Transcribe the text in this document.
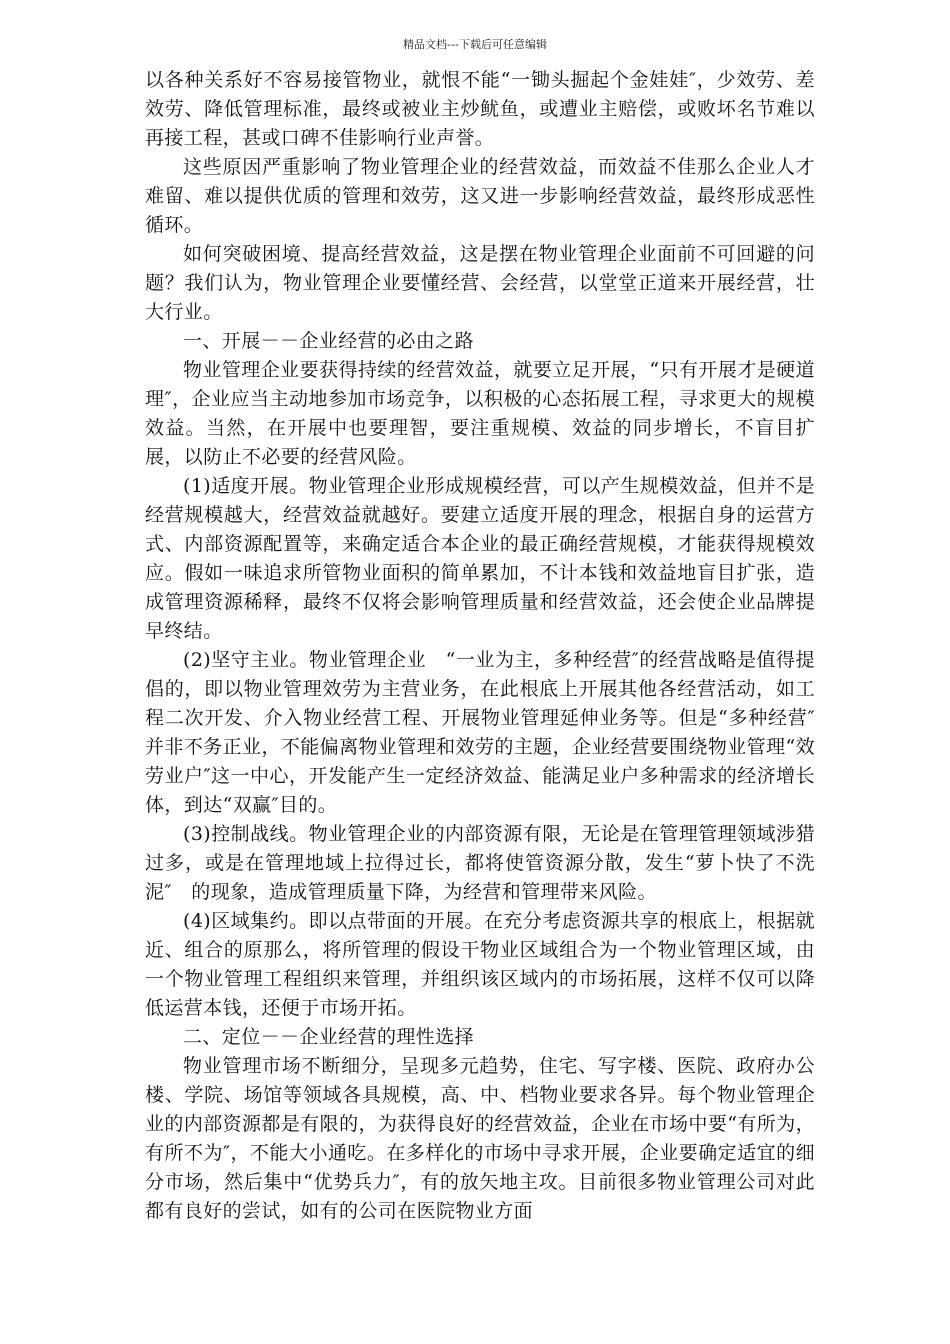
精品文档---下载后可任意编辑

以各种关系好不容易接管物业，就恨不能“一锄头掘起个金娃娃″，少效劳、差效劳、降低管理标准，最终或被业主炒鱿鱼，或遭业主赔偿，或败坏名节难以再接工程，甚或口碑不佳影响行业声誉。

这些原因严重影响了物业管理企业的经营效益，而效益不佳那么企业人才难留、难以提供优质的管理和效劳，这又进一步影响经营效益，最终形成恶性循环。

如何突破困境、提高经营效益，这是摆在物业管理企业面前不可回避的问题？我们认为，物业管理企业要懂经营、会经营，以堂堂正道来开展经营，壮大行业。

一、开展－－企业经营的必由之路

物业管理企业要获得持续的经营效益，就要立足开展，“只有开展才是硬道理″，企业应当主动地参加市场竞争，以积极的心态拓展工程，寻求更大的规模效益。当然，在开展中也要理智，要注重规模、效益的同步增长，不盲目扩展，以防止不必要的经营风险。

(1)适度开展。物业管理企业形成规模经营，可以产生规模效益，但并不是经营规模越大，经营效益就越好。要建立适度开展的理念，根据自身的运营方式、内部资源配置等，来确定适合本企业的最正确经营规模，才能获得规模效应。假如一味追求所管物业面积的简单累加，不计本钱和效益地盲目扩张，造成管理资源稀释，最终不仅将会影响管理质量和经营效益，还会使企业品牌提早终结。

(2)坚守主业。物业管理企业　“一业为主，多种经营″的经营战略是值得提倡的，即以物业管理效劳为主营业务，在此根底上开展其他各经营活动，如工程二次开发、介入物业经营工程、开展物业管理延伸业务等。但是“多种经营″并非不务正业，不能偏离物业管理和效劳的主题，企业经营要围绕物业管理“效劳业户″这一中心，开发能产生一定经济效益、能满足业户多种需求的经济增长体，到达“双赢″目的。

(3)控制战线。物业管理企业的内部资源有限，无论是在管理管理领域涉猎过多，或是在管理地域上拉得过长，都将使管资源分散，发生“萝卜快了不洗泥″　的现象，造成管理质量下降，为经营和管理带来风险。

(4)区域集约。即以点带面的开展。在充分考虑资源共享的根底上，根据就近、组合的原那么，将所管理的假设干物业区域组合为一个物业管理区域，由一个物业管理工程组织来管理，并组织该区域内的市场拓展，这样不仅可以降低运营本钱，还便于市场开拓。

二、定位－－企业经营的理性选择

物业管理市场不断细分，呈现多元趋势，住宅、写字楼、医院、政府办公楼、学院、场馆等领域各具规模，高、中、档物业要求各异。每个物业管理企业的内部资源都是有限的，为获得良好的经营效益，企业在市场中要“有所为，有所不为″，不能大小通吃。在多样化的市场中寻求开展，企业要确定适宜的细分市场，然后集中“优势兵力″，有的放矢地主攻。目前很多物业管理公司对此都有良好的尝试，如有的公司在医院物业方面
